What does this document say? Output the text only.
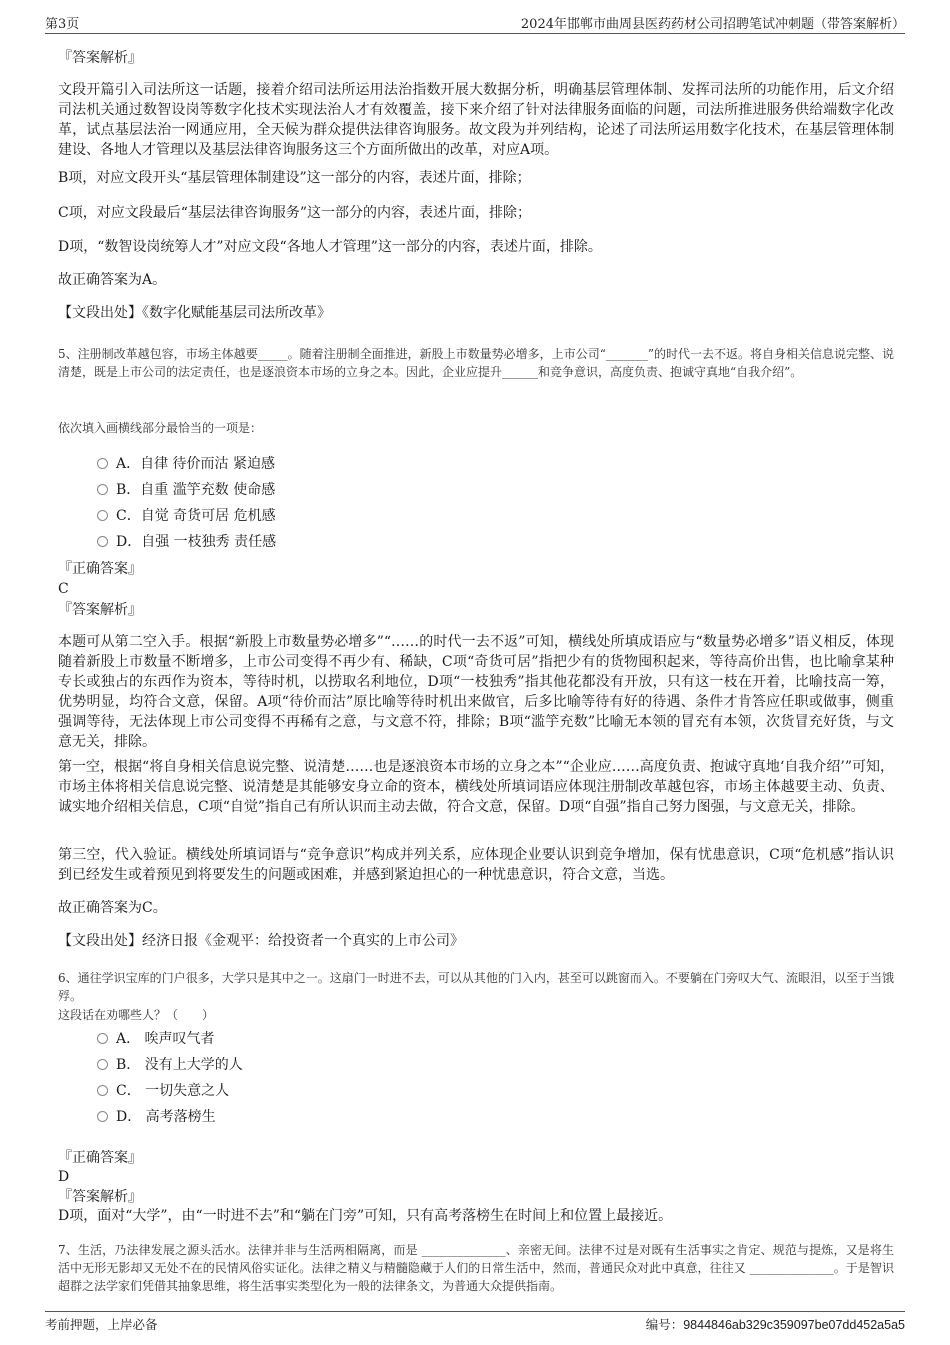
第3页	2024年邯郸市曲周县医药药材公司招聘笔试冲刺题（带答案解析）
『答案解析』
文段开篇引入司法所这一话题，接着介绍司法所运用法治指数开展大数据分析，明确基层管理体制、发挥司法所的功能作用，后文介绍司法机关通过数智设岗等数字化技术实现法治人才有效覆盖，接下来介绍了针对法律服务面临的问题，司法所推进服务供给端数字化改革，试点基层法治一网通应用，全天候为群众提供法律咨询服务。故文段为并列结构，论述了司法所运用数字化技术，在基层管理体制建设、各地人才管理以及基层法律咨询服务这三个方面所做出的改革，对应A项。
B项，对应文段开头“基层管理体制建设”这一部分的内容，表述片面，排除；
C项，对应文段最后“基层法律咨询服务”这一部分的内容，表述片面，排除；
D项，“数智设岗统筹人才”对应文段“各地人才管理”这一部分的内容，表述片面，排除。
故正确答案为A。
【文段出处】《数字化赋能基层司法所改革》
5、注册制改革越包容，市场主体越要_____。随着注册制全面推进，新股上市数量势必增多，上市公司“_______”的时代一去不返。将自身相关信息说完整、说清楚，既是上市公司的法定责任，也是逐浪资本市场的立身之本。因此，企业应提升______和竞争意识，高度负责、抱诚守真地“自我介绍”。
依次填入画横线部分最恰当的一项是：
A．自律 待价而沽 紧迫感
B．自重 滥竽充数 使命感
C．自觉 奇货可居 危机感
D．自强 一枝独秀 责任感
『正确答案』
C
『答案解析』
本题可从第二空入手。根据“新股上市数量势必增多”“……的时代一去不返”可知，横线处所填成语应与“数量势必增多”语义相反，体现随着新股上市数量不断增多，上市公司变得不再少有、稀缺，C项“奇货可居”指把少有的货物囤积起来，等待高价出售，也比喻拿某种专长或独占的东西作为资本，等待时机，以捞取名利地位，D项“一枝独秀”指其他花都没有开放，只有这一枝在开着，比喻技高一筹，优势明显，均符合文意，保留。A项“待价而沽”原比喻等待时机出来做官，后多比喻等待有好的待遇、条件才肯答应任职或做事，侧重强调等待，无法体现上市公司变得不再稀有之意，与文意不符，排除；B项“滥竽充数”比喻无本领的冒充有本领，次货冒充好货，与文意无关，排除。
第一空，根据“将自身相关信息说完整、说清楚……也是逐浪资本市场的立身之本”“企业应……高度负责、抱诚守真地‘自我介绍’”可知，市场主体将相关信息说完整、说清楚是其能够安身立命的资本，横线处所填词语应体现注册制改革越包容，市场主体越要主动、负责、诚实地介绍相关信息，C项“自觉”指自己有所认识而主动去做，符合文意，保留。D项“自强”指自己努力图强，与文意无关，排除。
第三空，代入验证。横线处所填词语与“竞争意识”构成并列关系，应体现企业要认识到竞争增加，保有忧患意识，C项“危机感”指认识到已经发生或着预见到将要发生的问题或困难，并感到紧迫担心的一种忧患意识，符合文意，当选。
故正确答案为C。
【文段出处】经济日报《金观平：给投资者一个真实的上市公司》
6、通往学识宝库的门户很多，大学只是其中之一。这扇门一时进不去，可以从其他的门入内，甚至可以跳窗而入。不要躺在门旁叹大气、流眼泪，以至于当饿殍。
这段话在劝哪些人？（　　）
A． 唉声叹气者
B． 没有上大学的人
C． 一切失意之人
D． 高考落榜生
『正确答案』
D
『答案解析』
D项，面对“大学”，由“一时进不去”和“躺在门旁”可知，只有高考落榜生在时间上和位置上最接近。
7、生活，乃法律发展之源头活水。法律并非与生活两相隔离，而是 ______________、亲密无间。法律不过是对既有生活事实之肯定、规范与提炼，又是将生活中无形无影却又无处不在的民情风俗实证化。法律之精义与精髓隐藏于人们的日常生活中，然而，普通民众对此中真意，往往又 ______________。于是智识超群之法学家们凭借其抽象思维，将生活事实类型化为一般的法律条文，为普通大众提供指南。
考前押题，上岸必备	编号：9844846ab329c359097be07dd452a5a5
